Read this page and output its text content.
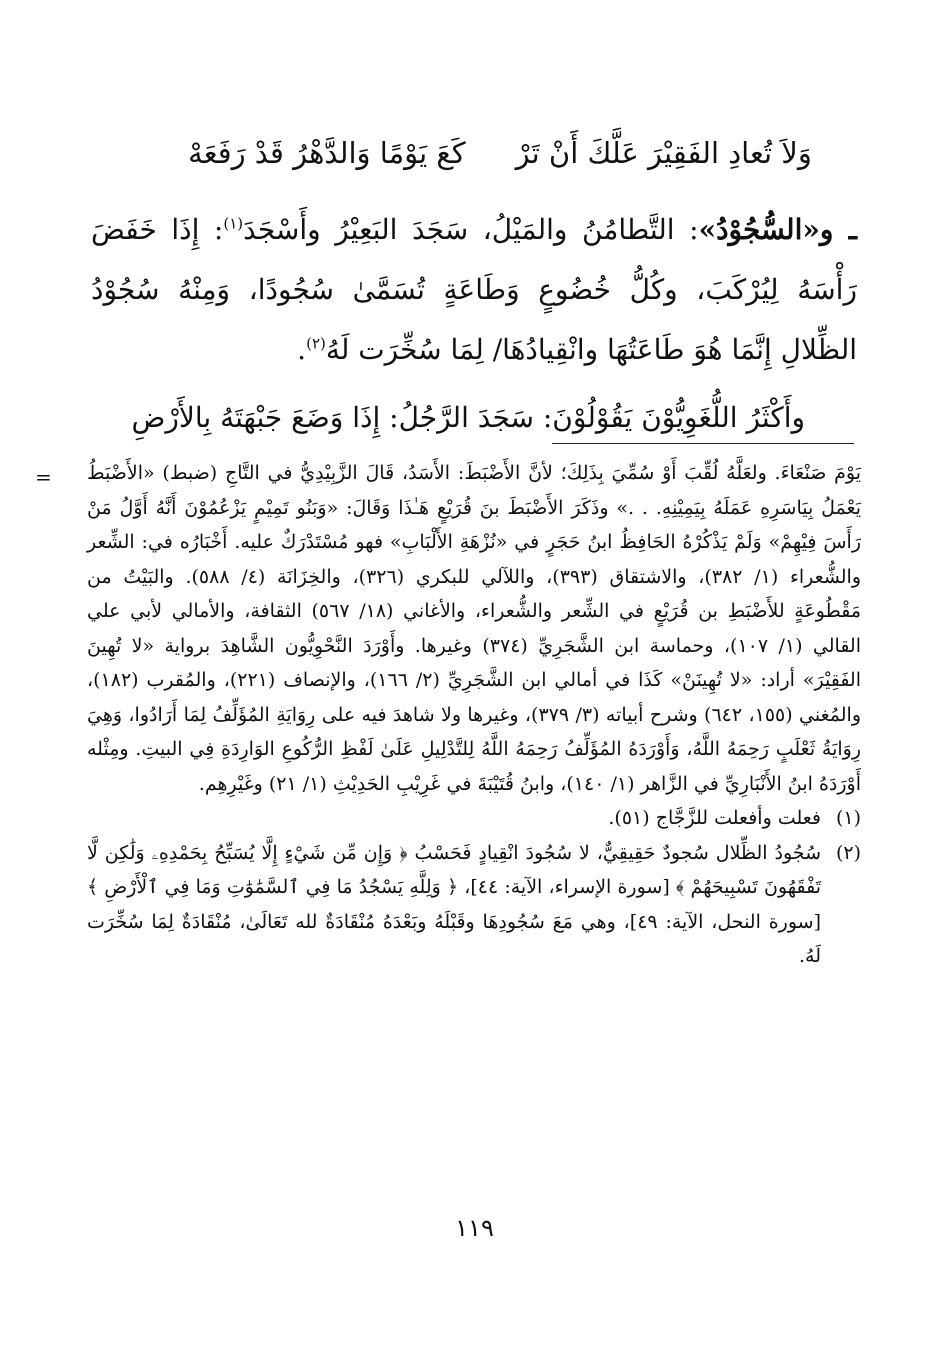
وَلاَ تُعادِ الفَقِيْرَ عَلَّكَ أَنْ تَرْ
كَعَ يَوْمًا وَالدَّهْرُ قَدْ رَفَعَهْ

ـ و«السُّجُوْدُ»: التَّطامُنُ والمَيْلُ، سَجَدَ البَعِيْرُ وأَسْجَدَ$^{(١)}$: إِذَا خَفَضَ رَأْسَهُ لِيُرْكَبَ، وكُلُّ خُضُوعٍ وَطَاعَةٍ تُسَمَّىٰ سُجُودًا، وَمِنْهُ سُجُوْدُ الظِّلالِ إِنَّمَا هُوَ طَاعَتُهَا وانْقِيادُهَا/ لِمَا سُخِّرَت لَهُ$^{(٢)}$.

وأَكْثَرُ اللُّغَوِيُّوْنَ يَقُوْلُوْنَ: سَجَدَ الرَّجُلُ: إِذَا وَضَعَ جَبْهَتَهُ بِالأَرْضِ

= يَوْمَ صَنْعَاءَ. ولعَلَّهُ لُقِّبَ أَوْ سُمِّيَ بِذَلِكَ؛ لأنَّ الأَضْبَطَ: الأَسَدُ، قَالَ الزَّبِيْدِيُّ في التَّاجِ (ضبط) «الأَضْبَطُ يَعْمَلُ بِيَاسَرِهِ عَمَلَهُ بِيَمِيْنِهِ. . .» وذَكَرَ الأَضْبَطَ بنَ قُرَيْعٍ هَـٰذَا وَقَالَ: «وَبَنُو تَمِيْمٍ يَزْعُمُوْنَ أَنَّهُ أَوَّلُ مَنْ رَأَسَ فِيْهِمْ» وَلَمْ يَذْكُرْهُ الحَافِظُ ابنُ حَجَرٍ في «نُزْهَةِ الأَلْبَابِ» فهو مُسْتَدْرَكٌ عليه. أَخْبَارُه في: الشِّعر والشُّعراء (١/ ٣٨٢)، والاشتقاق (٣٩٣)، واللآلي للبكري (٣٢٦)، والخِزَانَة (٤/ ٥٨٨). والبَيْتُ من مَقْطُوعَةٍ للأَضْبَطِ بن قُرَيْعٍ في الشِّعر والشُّعراء، والأغاني (١٨/ ٥٦٧) الثقافة، والأمالي لأبي علي القالي (١/ ١٠٧)، وحماسة ابن الشَّجَرِيِّ (٣٧٤) وغيرها. وأَوْرَدَ النَّحْوِيُّون الشَّاهِدَ برواية «لا تُهِينَ الفَقِيْرَ» أراد: «لا تُهِينَنْ» كَذَا في أمالي ابن الشَّجَرِيِّ (٢/ ١٦٦)، والإنصاف (٢٢١)، والمُقرب (١٨٢)، والمُغني (١٥٥، ٦٤٢) وشرح أبياته (٣/ ٣٧٩)، وغيرها ولا شاهدَ فيه على رِوَايَةِ المُؤَلِّفُ لِمَا أَرَادُوا، وَهِيَ رِوَايَةُ ثَعْلَبٍ رَحِمَهُ اللَّهُ، وَأَوْرَدَهُ المُؤَلِّفُ رَحِمَهُ اللَّهُ لِلتَّدْلِيلِ عَلَىٰ لَفْظِ الرُّكُوعِ الوَارِدَةِ فِي البيتِ. ومِثْله أَوْرَدَهُ ابنُ الأَنْبَارِيِّ في الزَّاهر (١/ ١٤٠)، وابنُ قُتَيْبَةَ في غَرِيْبِ الحَدِيْثِ (١/ ٢١) وغَيْرِهِم.
(١)
فعلت وأفعلت للزَّجَّاج (٥١).
(٢)
سُجُودُ الظِّلال سُجودٌ حَقِيقِيٌّ، لا سُجُودَ انْقِيادٍ فَحَسْبُ ﴿ وَإِن مِّن شَيْءٍ إِلَّا يُسَبِّحُ بِحَمْدِهِۦ وَلَٰكِن لَّا تَفْقَهُونَ تَسْبِيحَهُمْ ﴾ [سورة الإسراء، الآية: ٤٤]، ﴿ وَلِلَّهِ يَسْجُدُ مَا فِي ٱلسَّمَٰوَٰتِ وَمَا فِي ٱلْأَرْضِ ﴾ [سورة النحل، الآية: ٤٩]، وهي مَعَ سُجُودِهَا وقَبْلَهُ وبَعْدَهُ مُنْقَادَةٌ لله تَعَالَىٰ، مُنْقَادَةٌ لِمَا سُخِّرَت لَهُ.
١١٩
